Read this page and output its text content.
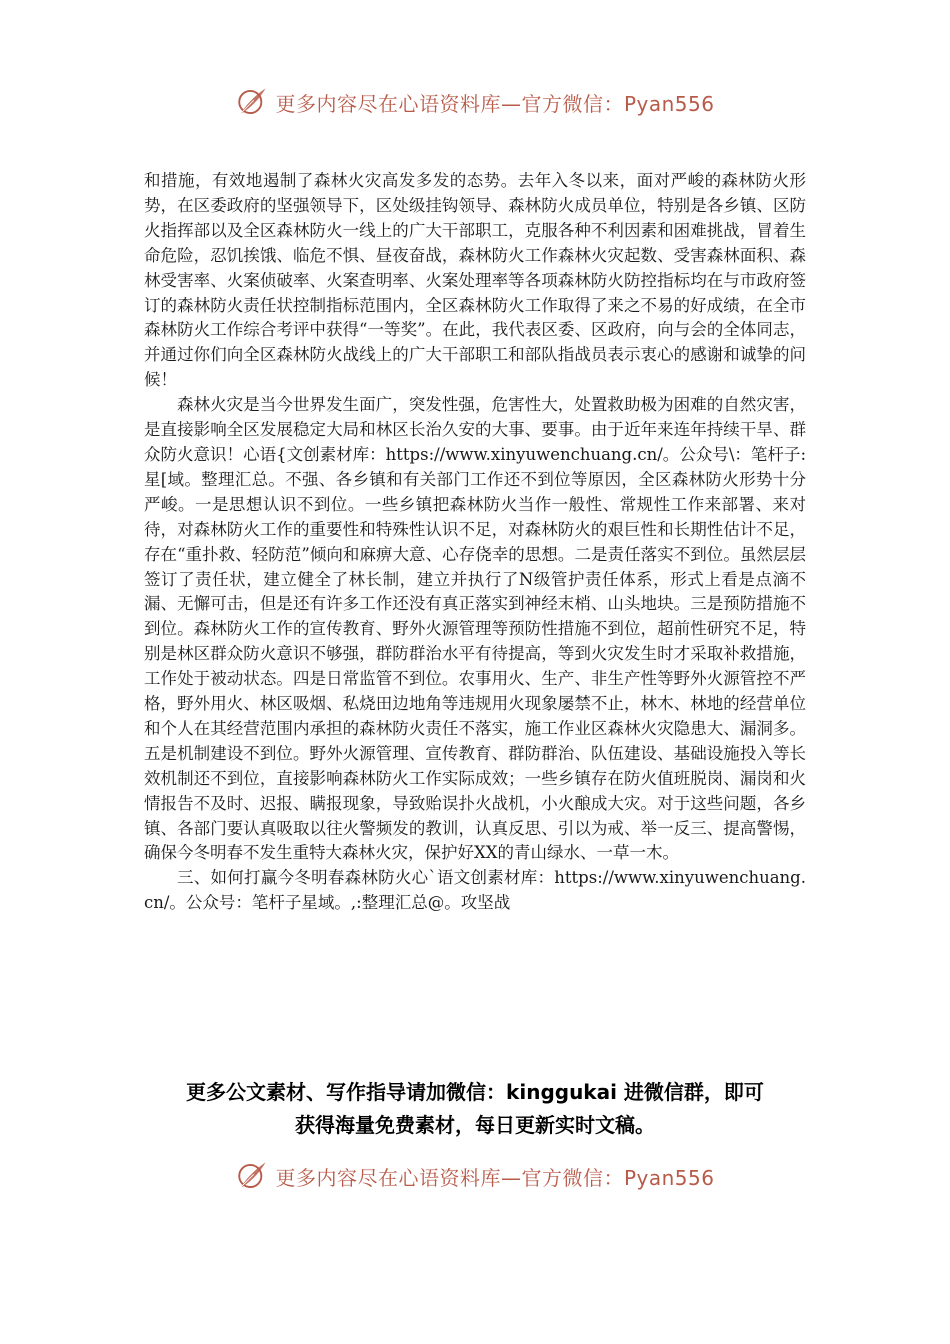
更多内容尽在心语资料库—官方微信：Pyan556

和措施，有效地遏制了森林火灾高发多发的态势。去年入冬以来，面对严峻的森林防火形势，在区委政府的坚强领导下，区处级挂钩领导、森林防火成员单位，特别是各乡镇、区防火指挥部以及全区森林防火一线上的广大干部职工，克服各种不利因素和困难挑战，冒着生命危险，忍饥挨饿、临危不惧、昼夜奋战，森林防火工作森林火灾起数、受害森林面积、森林受害率、火案侦破率、火案查明率、火案处理率等各项森林防火防控指标均在与市政府签订的森林防火责任状控制指标范围内，全区森林防火工作取得了来之不易的好成绩，在全市森林防火工作综合考评中获得“一等奖”。在此，我代表区委、区政府，向与会的全体同志，并通过你们向全区森林防火战线上的广大干部职工和部队指战员表示衷心的感谢和诚挚的问候！

森林火灾是当今世界发生面广，突发性强，危害性大，处置救助极为困难的自然灾害，是直接影响全区发展稳定大局和林区长治久安的大事、要事。由于近年来连年持续干旱、群众防火意识！心语{文创素材库：https://www.xinyuwenchuang.cn/。公众号\：笔杆子:星[域。整理汇总。不强、各乡镇和有关部门工作还不到位等原因，全区森林防火形势十分严峻。一是思想认识不到位。一些乡镇把森林防火当作一般性、常规性工作来部署、来对待，对森林防火工作的重要性和特殊性认识不足，对森林防火的艰巨性和长期性估计不足，存在“重扑救、轻防范”倾向和麻痹大意、心存侥幸的思想。二是责任落实不到位。虽然层层签订了责任状，建立健全了林长制，建立并执行了N级管护责任体系，形式上看是点滴不漏、无懈可击，但是还有许多工作还没有真正落实到神经末梢、山头地块。三是预防措施不到位。森林防火工作的宣传教育、野外火源管理等预防性措施不到位，超前性研究不足，特别是林区群众防火意识不够强，群防群治水平有待提高，等到火灾发生时才采取补救措施，工作处于被动状态。四是日常监管不到位。农事用火、生产、非生产性等野外火源管控不严格，野外用火、林区吸烟、私烧田边地角等违规用火现象屡禁不止，林木、林地的经营单位和个人在其经营范围内承担的森林防火责任不落实，施工作业区森林火灾隐患大、漏洞多。五是机制建设不到位。野外火源管理、宣传教育、群防群治、队伍建设、基础设施投入等长效机制还不到位，直接影响森林防火工作实际成效；一些乡镇存在防火值班脱岗、漏岗和火情报告不及时、迟报、瞒报现象，导致贻误扑火战机，小火酿成大灾。对于这些问题，各乡镇、各部门要认真吸取以往火警频发的教训，认真反思、引以为戒、举一反三、提高警惕，确保今冬明春不发生重特大森林火灾，保护好XX的青山绿水、一草一木。

三、如何打赢今冬明春森林防火心`语文创素材库：https://www.xinyuwenchuang.cn/。公众号：笔杆子星域。,:整理汇总@。攻坚战

更多公文素材、写作指导请加微信：kinggukai 进微信群，即可
获得海量免费素材，每日更新实时文稿。
更多内容尽在心语资料库—官方微信：Pyan556
